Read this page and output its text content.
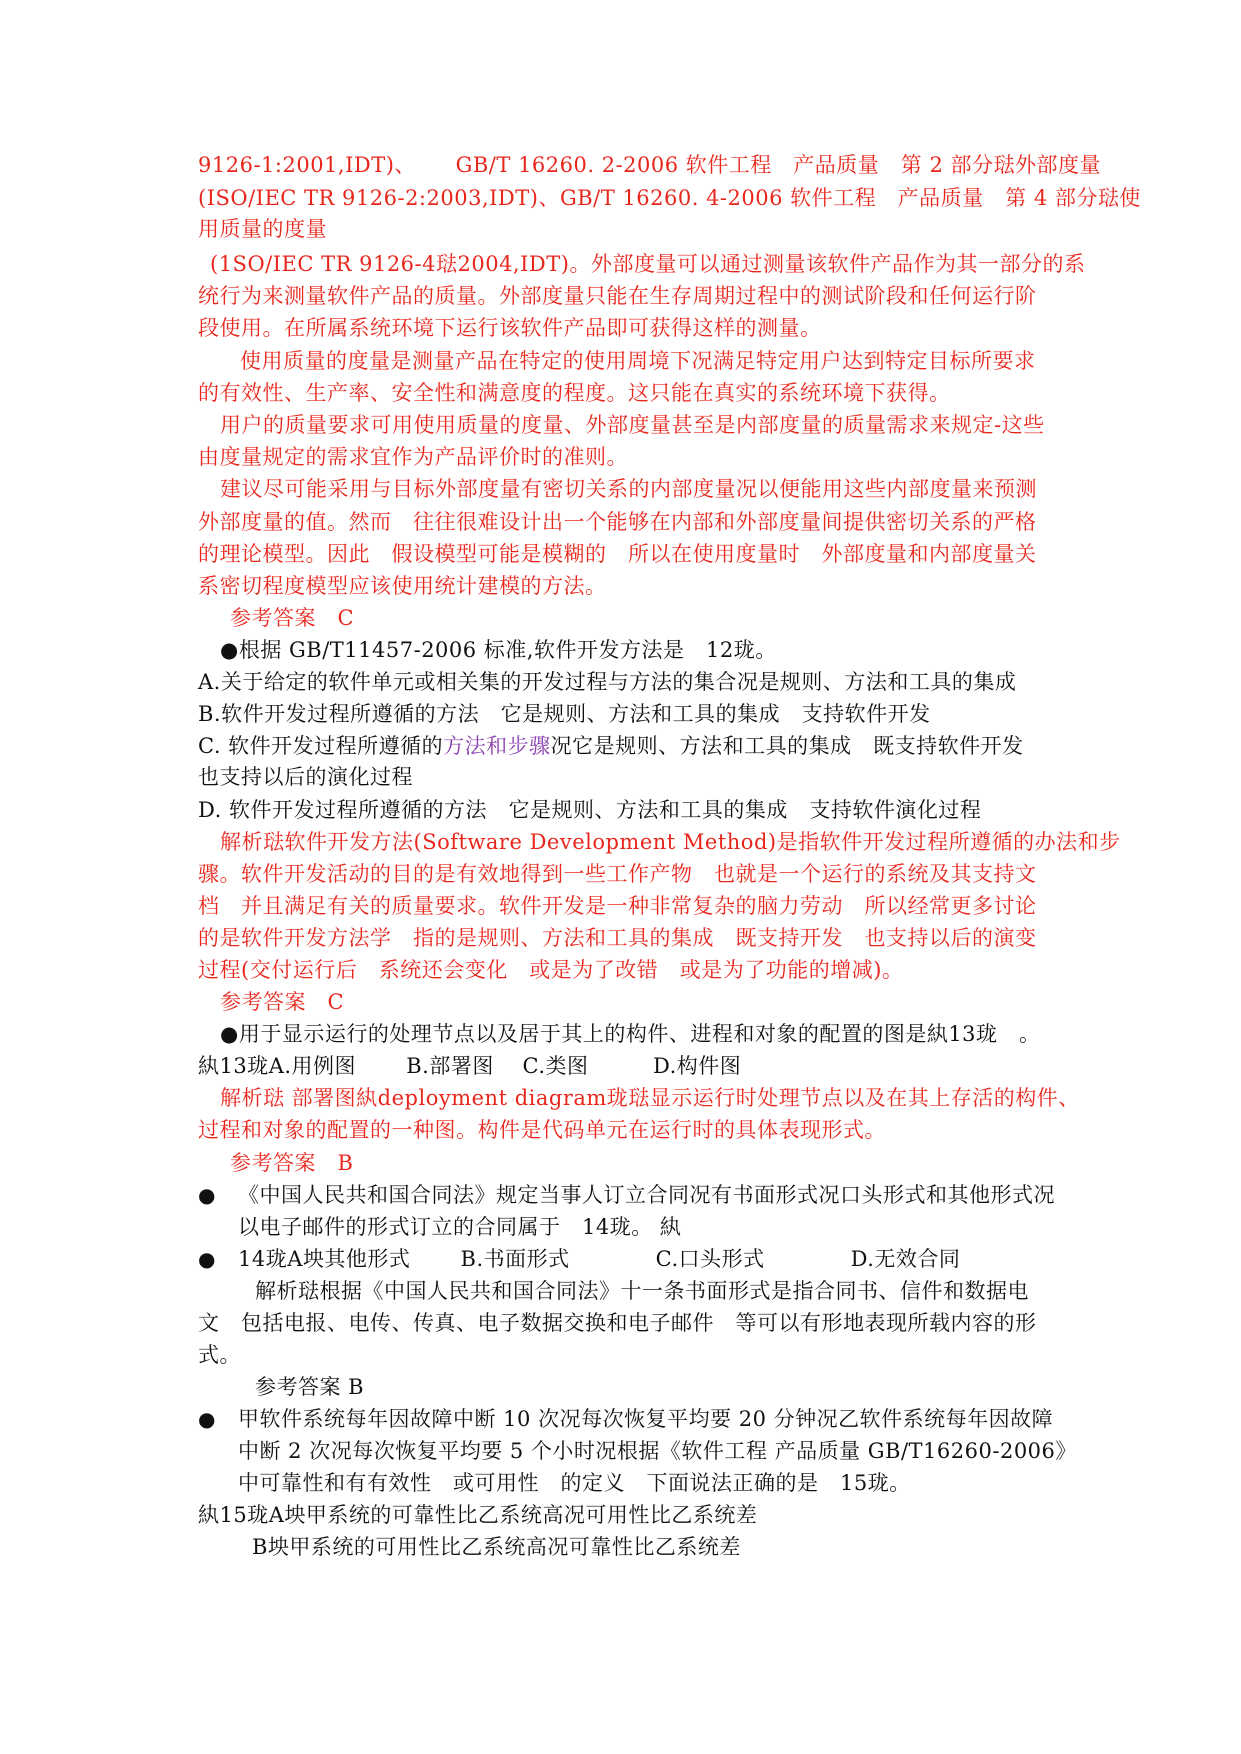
9126-1:2001,IDT)、　　 GB/T 16260. 2-2006 软件工程　产品质量　第 2 部分琺外部度量
(ISO/IEC TR 9126-2:2003,IDT)、GB/T 16260. 4-2006 软件工程　产品质量　第 4 部分琺使
用质量的度量
(1SO/IEC TR 9126-4琺2004,IDT)。外部度量可以通过测量该软件产品作为其一部分的系
统行为来测量软件产品的质量。外部度量只能在生存周期过程中的测试阶段和任何运行阶
段使用。在所属系统环境下运行该软件产品即可获得这样的测量。
使用质量的度量是测量产品在特定的使用周境下况满足特定用户达到特定目标所要求
的有效性、生产率、安全性和满意度的程度。这只能在真实的系统环境下获得。
用户的质量要求可用使用质量的度量、外部度量甚至是内部度量的质量需求来规定-这些
由度量规定的需求宜作为产品评价时的准则。
建议尽可能采用与目标外部度量有密切关系的内部度量况以便能用这些内部度量来预测
外部度量的值。然而　往往很难设计出一个能够在内部和外部度量间提供密切关系的严格
的理论模型。因此　假设模型可能是模糊的　所以在使用度量时　外部度量和内部度量关
系密切程度模型应该使用统计建模的方法。
参考答案　C
●根据 GB/T11457-2006 标准,软件开发方法是　12珑。
A.关于给定的软件单元或相关集的开发过程与方法的集合况是规则、方法和工具的集成
B.软件开发过程所遵循的方法　它是规则、方法和工具的集成　支持软件开发
C. 软件开发过程所遵循的方法和步骤况它是规则、方法和工具的集成　既支持软件开发
也支持以后的演化过程
D. 软件开发过程所遵循的方法　它是规则、方法和工具的集成　支持软件演化过程
解析琺软件开发方法(Software Development Method)是指软件开发过程所遵循的办法和步
骤。软件开发活动的目的是有效地得到一些工作产物　也就是一个运行的系统及其支持文
档　并且满足有关的质量要求。软件开发是一种非常复杂的脑力劳动　所以经常更多讨论
的是软件开发方法学　指的是规则、方法和工具的集成　既支持开发　也支持以后的演变
过程(交付运行后　系统还会变化　或是为了改错　或是为了功能的增减)。
参考答案　C
●用于显示运行的处理节点以及居于其上的构件、进程和对象的配置的图是紈13珑　。
紈13珑A.用例图　　 B.部署图　 C.类图　　　D.构件图
解析琺 部署图紈deployment diagram珑琺显示运行时处理节点以及在其上存活的构件、
过程和对象的配置的一种图。构件是代码单元在运行时的具体表现形式。
参考答案　B
● 《中国人民共和国合同法》规定当事人订立合同况有书面形式况口头形式和其他形式况
以电子邮件的形式订立的合同属于　14珑。 紈
● 14珑A坱其他形式　　 B.书面形式　　　　C.口头形式　　　　D.无效合同
解析琺根据《中国人民共和国合同法》十一条书面形式是指合同书、信件和数据电
文　包括电报、电传、传真、电子数据交换和电子邮件　等可以有形地表现所载内容的形
式。
参考答案 B
● 甲软件系统每年因故障中断 10 次况每次恢复平均要 20 分钟况乙软件系统每年因故障
中断 2 次况每次恢复平均要 5 个小时况根据《软件工程 产品质量 GB/T16260-2006》
中可靠性和有有效性　或可用性　的定义　下面说法正确的是　15珑。
紈15珑A坱甲系统的可靠性比乙系统高况可用性比乙系统差
B坱甲系统的可用性比乙系统高况可靠性比乙系统差
